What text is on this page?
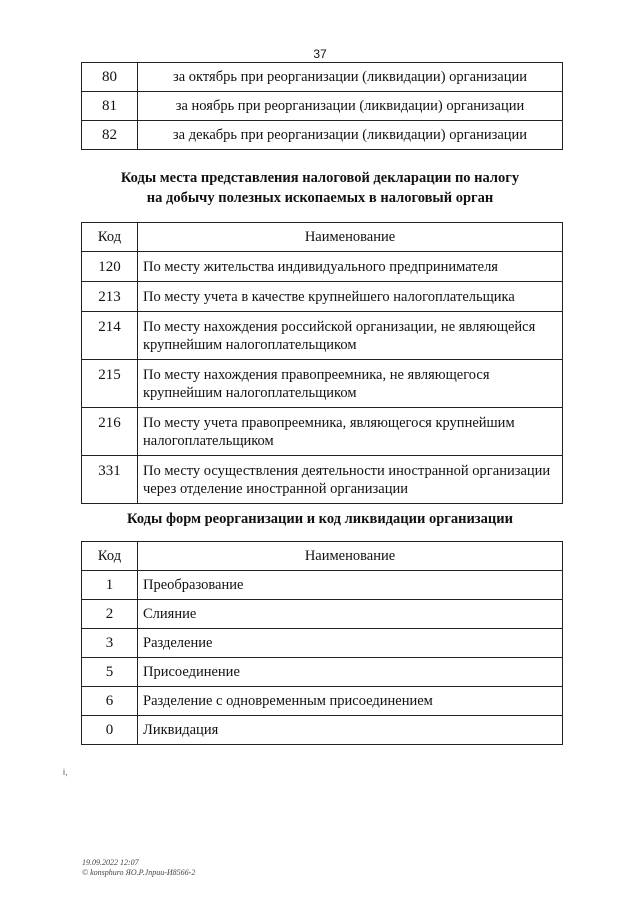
37
80	за октябрь при реорганизации (ликвидации) организации
81	за ноябрь при реорганизации (ликвидации) организации
82	за декабрь при реорганизации (ликвидации) организации
Коды места представления налоговой декларации по налогу
на добычу полезных ископаемых в налоговый орган
Код	Наименование
120	По месту жительства индивидуального предпринимателя
213	По месту учета в качестве крупнейшего налогоплательщика
214	По месту нахождения российской организации, не являющейся крупнейшим налогоплательщиком
215	По месту нахождения правопреемника, не являющегося крупнейшим налогоплательщиком
216	По месту учета правопреемника, являющегося крупнейшим налогоплательщиком
331	По месту осуществления деятельности иностранной организации через отделение иностранной организации
Коды форм реорганизации и код ликвидации организации
Код	Наименование
1	Преобразование
2	Слияние
3	Разделение
5	Присоединение
6	Разделение с одновременным присоединением
0	Ликвидация
i,
19.09.2022 12:07
© konsphuro ЯО.Р.Jnpuи-И8566-2
